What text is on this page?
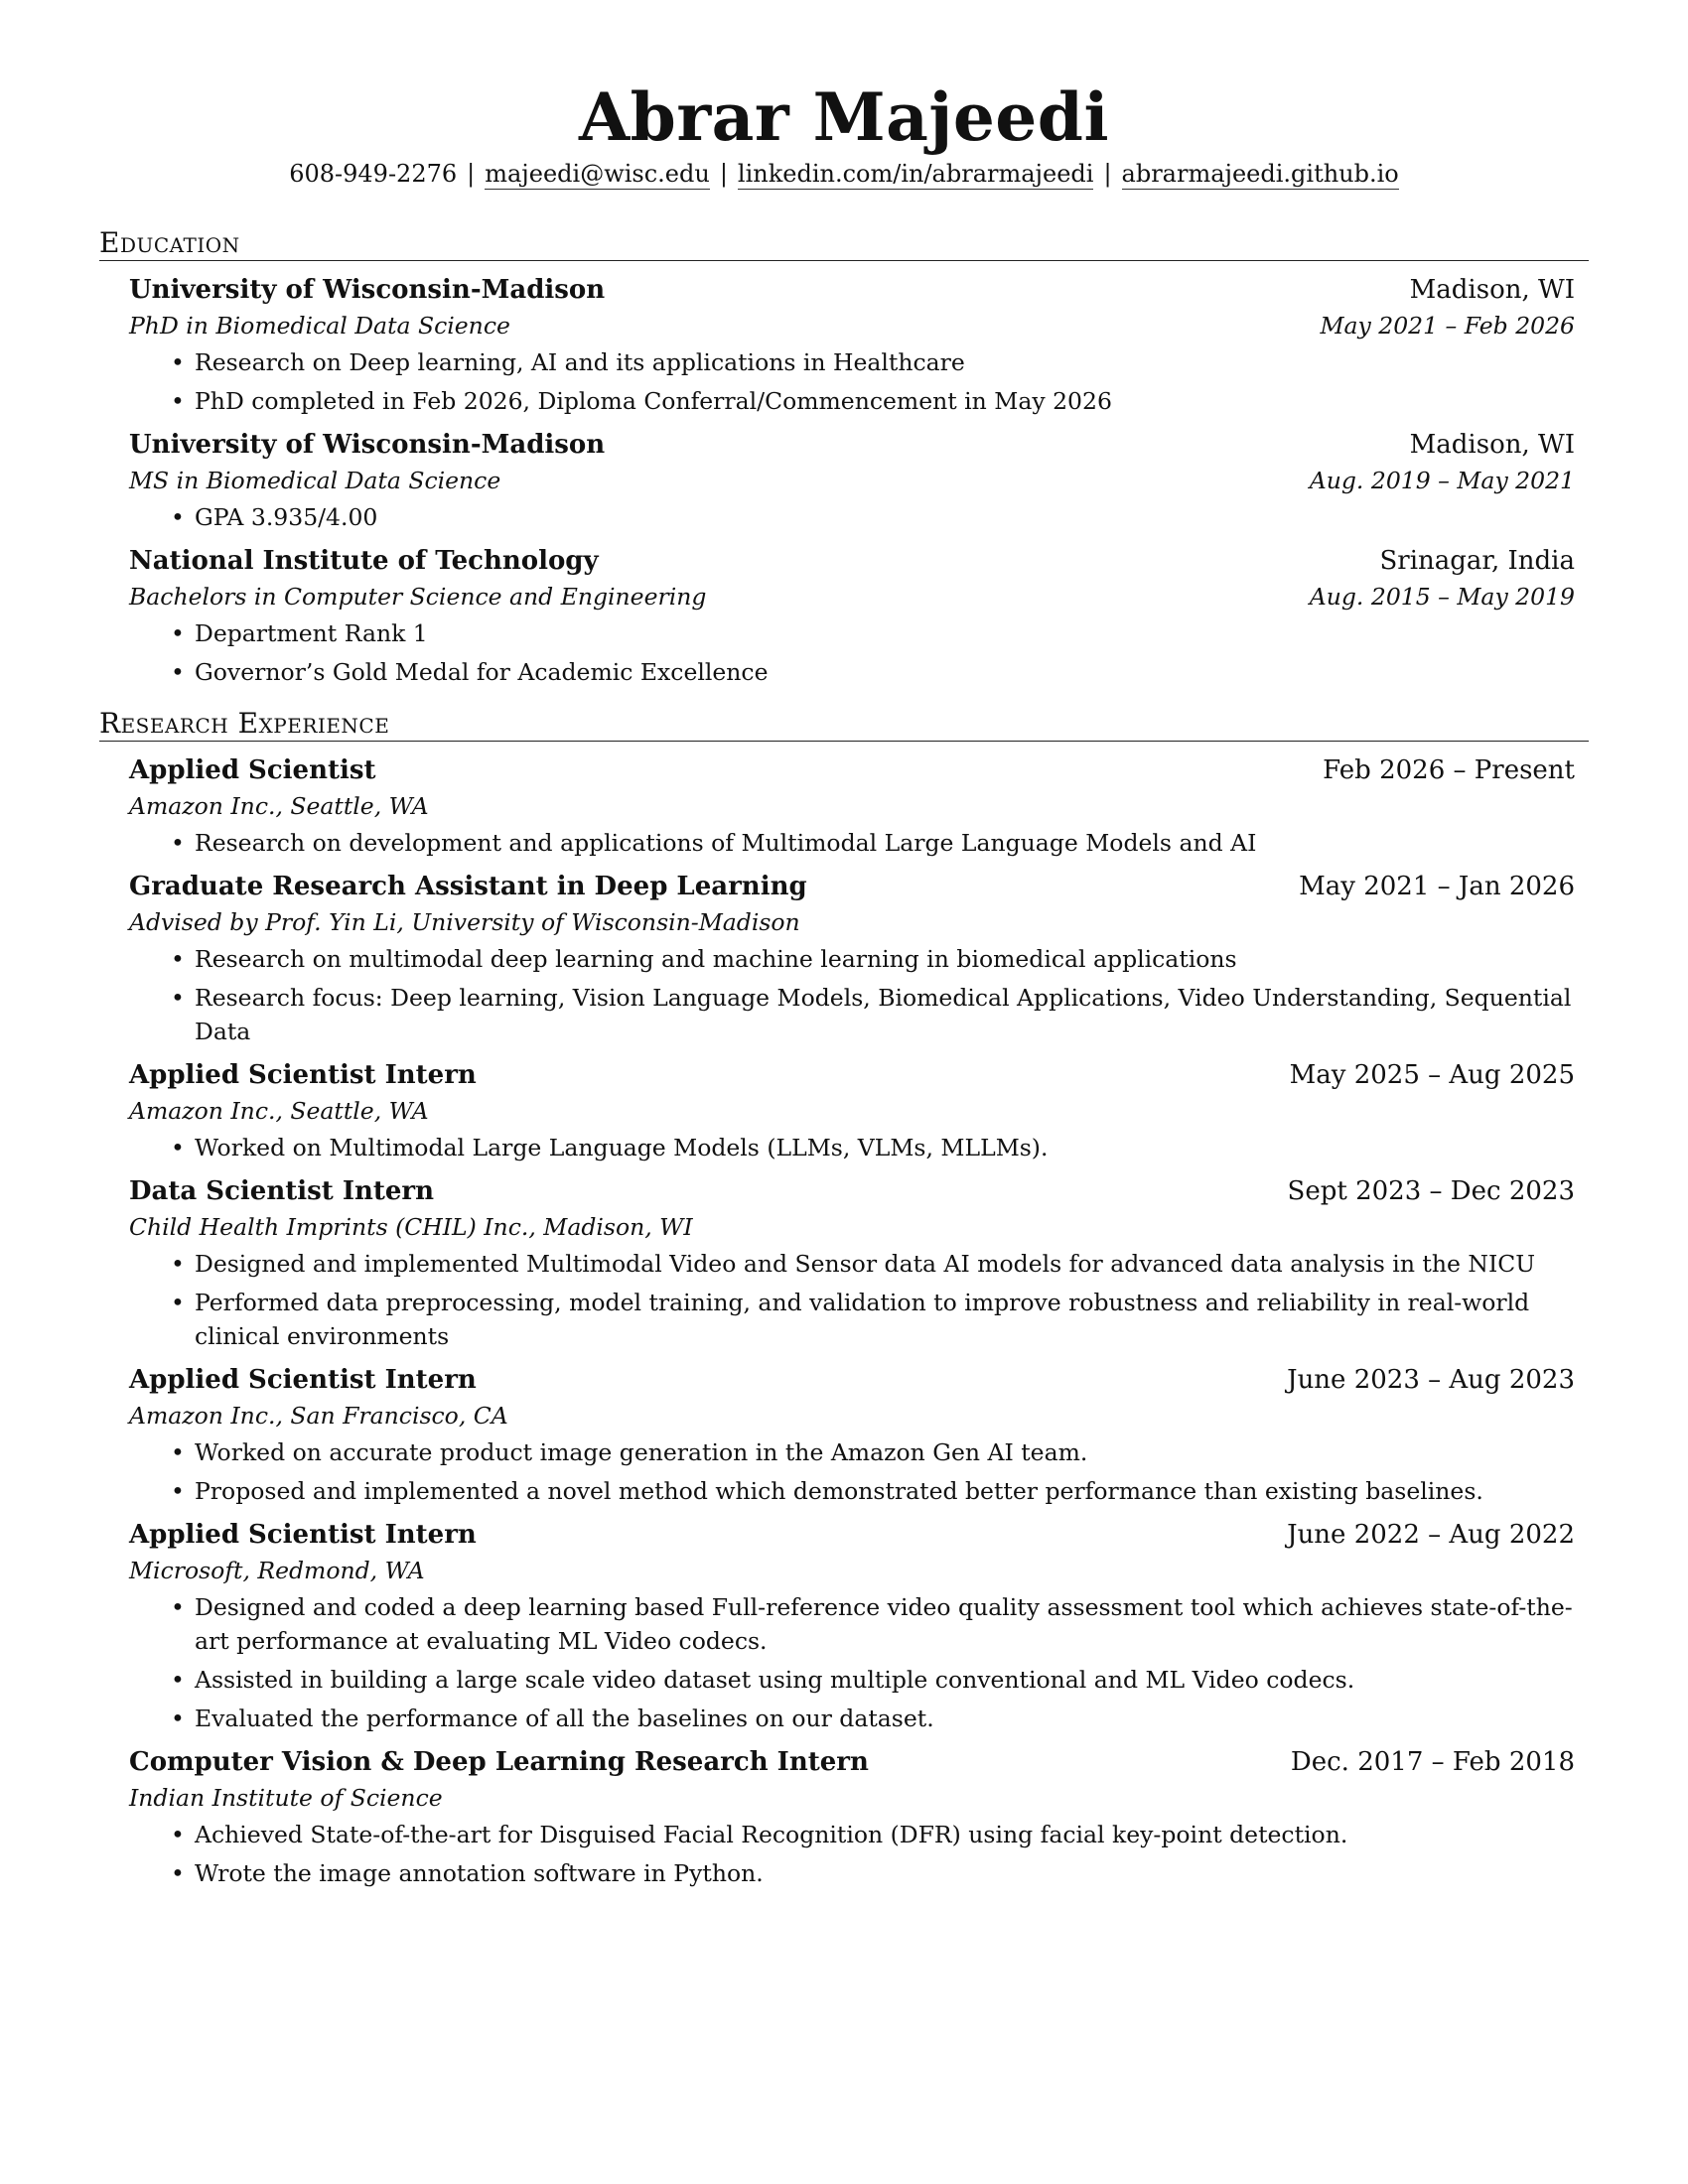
Abrar Majeedi
608-949-2276 | majeedi@wisc.edu | linkedin.com/in/abrarmajeedi | abrarmajeedi.github.io
Education
University of Wisconsin-Madison	Madison, WI
PhD in Biomedical Data Science	May 2021 – Feb 2026
• Research on Deep learning, AI and its applications in Healthcare
• PhD completed in Feb 2026, Diploma Conferral/Commencement in May 2026
University of Wisconsin-Madison	Madison, WI
MS in Biomedical Data Science	Aug. 2019 – May 2021
• GPA 3.935/4.00
National Institute of Technology	Srinagar, India
Bachelors in Computer Science and Engineering	Aug. 2015 – May 2019
• Department Rank 1
• Governor’s Gold Medal for Academic Excellence
Research Experience
Applied Scientist	Feb 2026 – Present
Amazon Inc., Seattle, WA
• Research on development and applications of Multimodal Large Language Models and AI
Graduate Research Assistant in Deep Learning	May 2021 – Jan 2026
Advised by Prof. Yin Li, University of Wisconsin-Madison
• Research on multimodal deep learning and machine learning in biomedical applications
• Research focus: Deep learning, Vision Language Models, Biomedical Applications, Video Understanding, Sequential Data
Applied Scientist Intern	May 2025 – Aug 2025
Amazon Inc., Seattle, WA
• Worked on Multimodal Large Language Models (LLMs, VLMs, MLLMs).
Data Scientist Intern	Sept 2023 – Dec 2023
Child Health Imprints (CHIL) Inc., Madison, WI
• Designed and implemented Multimodal Video and Sensor data AI models for advanced data analysis in the NICU
• Performed data preprocessing, model training, and validation to improve robustness and reliability in real-world clinical environments
Applied Scientist Intern	June 2023 – Aug 2023
Amazon Inc., San Francisco, CA
• Worked on accurate product image generation in the Amazon Gen AI team.
• Proposed and implemented a novel method which demonstrated better performance than existing baselines.
Applied Scientist Intern	June 2022 – Aug 2022
Microsoft, Redmond, WA
• Designed and coded a deep learning based Full-reference video quality assessment tool which achieves state-of-the-art performance at evaluating ML Video codecs.
• Assisted in building a large scale video dataset using multiple conventional and ML Video codecs.
• Evaluated the performance of all the baselines on our dataset.
Computer Vision & Deep Learning Research Intern	Dec. 2017 – Feb 2018
Indian Institute of Science
• Achieved State-of-the-art for Disguised Facial Recognition (DFR) using facial key-point detection.
• Wrote the image annotation software in Python.
